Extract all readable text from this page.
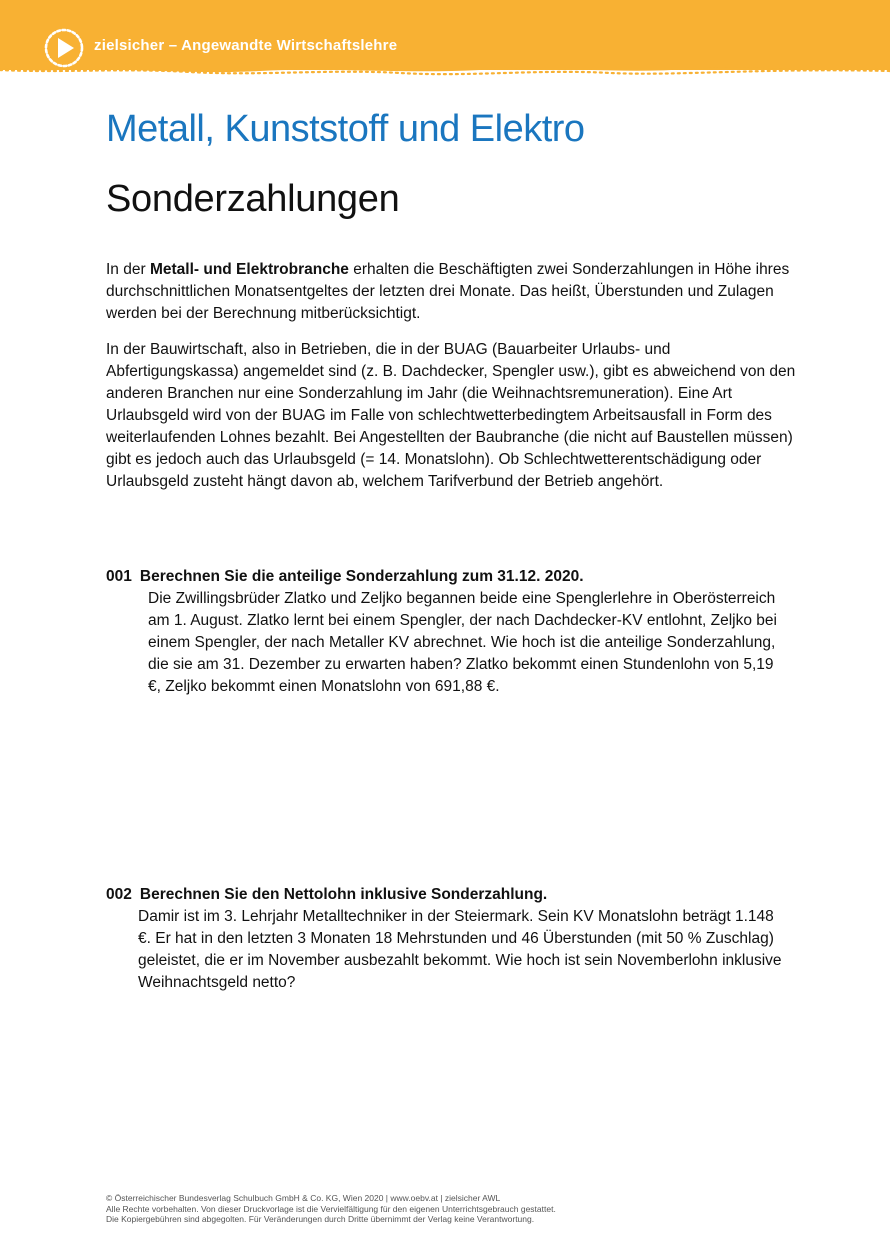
zielsicher – Angewandte Wirtschaftslehre
Metall, Kunststoff und Elektro
Sonderzahlungen

In der Metall- und Elektrobranche erhalten die Beschäftigten zwei Sonderzahlungen in Höhe ihres durchschnittlichen Monatsentgeltes der letzten drei Monate. Das heißt, Überstunden und Zulagen werden bei der Berechnung mitberücksichtigt.

In der Bauwirtschaft, also in Betrieben, die in der BUAG (Bauarbeiter Urlaubs- und Abfertigungskassa) angemeldet sind (z. B. Dachdecker, Spengler usw.), gibt es abweichend von den anderen Branchen nur eine Sonderzahlung im Jahr (die Weihnachtsremuneration). Eine Art Urlaubsgeld wird von der BUAG im Falle von schlechtwetterbedingtem Arbeitsausfall in Form des weiterlaufenden Lohnes bezahlt. Bei Angestellten der Baubranche (die nicht auf Baustellen müssen) gibt es jedoch auch das Urlaubsgeld (= 14. Monatslohn). Ob Schlechtwetterentschädigung oder Urlaubsgeld zusteht hängt davon ab, welchem Tarifverbund der Betrieb angehört.

001 Berechnen Sie die anteilige Sonderzahlung zum 31.12. 2020.

Die Zwillingsbrüder Zlatko und Zeljko begannen beide eine Spenglerlehre in Oberösterreich am 1. August. Zlatko lernt bei einem Spengler, der nach Dachdecker-KV entlohnt, Zeljko bei einem Spengler, der nach Metaller KV abrechnet. Wie hoch ist die anteilige Sonderzahlung, die sie am 31. Dezember zu erwarten haben? Zlatko bekommt einen Stundenlohn von 5,19 €, Zeljko bekommt einen Monatslohn von 691,88 €.

002 Berechnen Sie den Nettolohn inklusive Sonderzahlung.

Damir ist im 3. Lehrjahr Metalltechniker in der Steiermark. Sein KV Monatslohn beträgt 1.148 €. Er hat in den letzten 3 Monaten 18 Mehrstunden und 46 Überstunden (mit 50 % Zuschlag) geleistet, die er im November ausbezahlt bekommt. Wie hoch ist sein Novemberlohn inklusive Weihnachtsgeld netto?

© Österreichischer Bundesverlag Schulbuch GmbH & Co. KG, Wien 2020 | www.oebv.at | zielsicher AWL
Alle Rechte vorbehalten. Von dieser Druckvorlage ist die Vervielfältigung für den eigenen Unterrichtsgebrauch gestattet.
Die Kopiergebühren sind abgegolten. Für Veränderungen durch Dritte übernimmt der Verlag keine Verantwortung.
